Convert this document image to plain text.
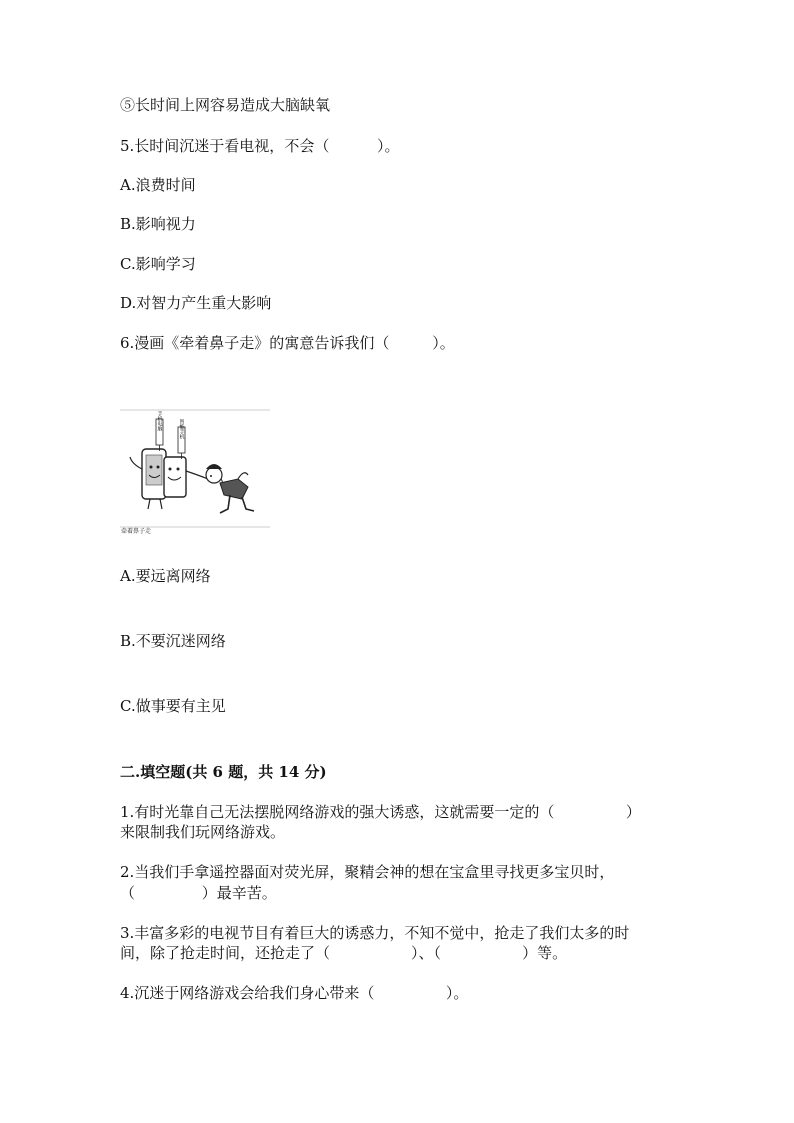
⑤长时间上网容易造成大脑缺氧
5.长时间沉迷于看电视，不会（          ）。
A.浪费时间
B.影响视力
C.影响学习
D.对智力产生重大影响
6.漫画《牵着鼻子走》的寓意告诉我们（         ）。
手机电脑	智能手机
牵着鼻子走
A.要远离网络
B.不要沉迷网络
C.做事要有主见
二.填空题(共 6 题，共 14 分)
1.有时光靠自己无法摆脱网络游戏的强大诱惑，这就需要一定的（               ）
来限制我们玩网络游戏。
2.当我们手拿遥控器面对荧光屏，聚精会神的想在宝盒里寻找更多宝贝时，
（              ）最辛苦。
3.丰富多彩的电视节目有着巨大的诱惑力，不知不觉中，抢走了我们太多的时
间，除了抢走时间，还抢走了（                 ）、（                 ）等。
4.沉迷于网络游戏会给我们身心带来（               ）。
